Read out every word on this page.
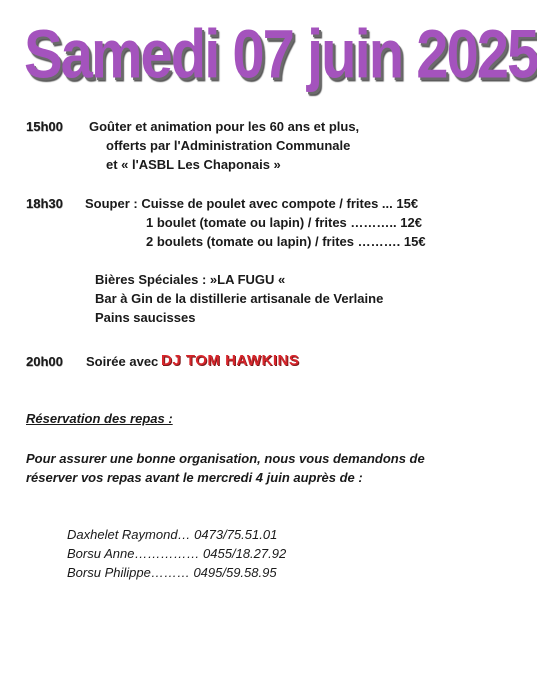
Samedi 07 juin 2025
15h00 Goûter et animation pour les 60 ans et plus,
offerts par l'Administration Communale
et « l'ASBL Les Chaponais »
18h30 Souper : Cuisse de poulet avec compote / frites ... 15€
1 boulet (tomate ou lapin) / frites ……….. 12€
2 boulets (tomate ou lapin) / frites ………. 15€
Bières Spéciales : »LA FUGU «
Bar à Gin de la distillerie artisanale de Verlaine
Pains saucisses
20h00 Soirée avec DJ TOM HAWKINS
Réservation des repas :
Pour assurer une bonne organisation, nous vous demandons de
réserver vos repas avant le mercredi 4 juin auprès de :
Daxhelet Raymond… 0473/75.51.01
Borsu Anne…………… 0455/18.27.92
Borsu Philippe……… 0495/59.58.95
